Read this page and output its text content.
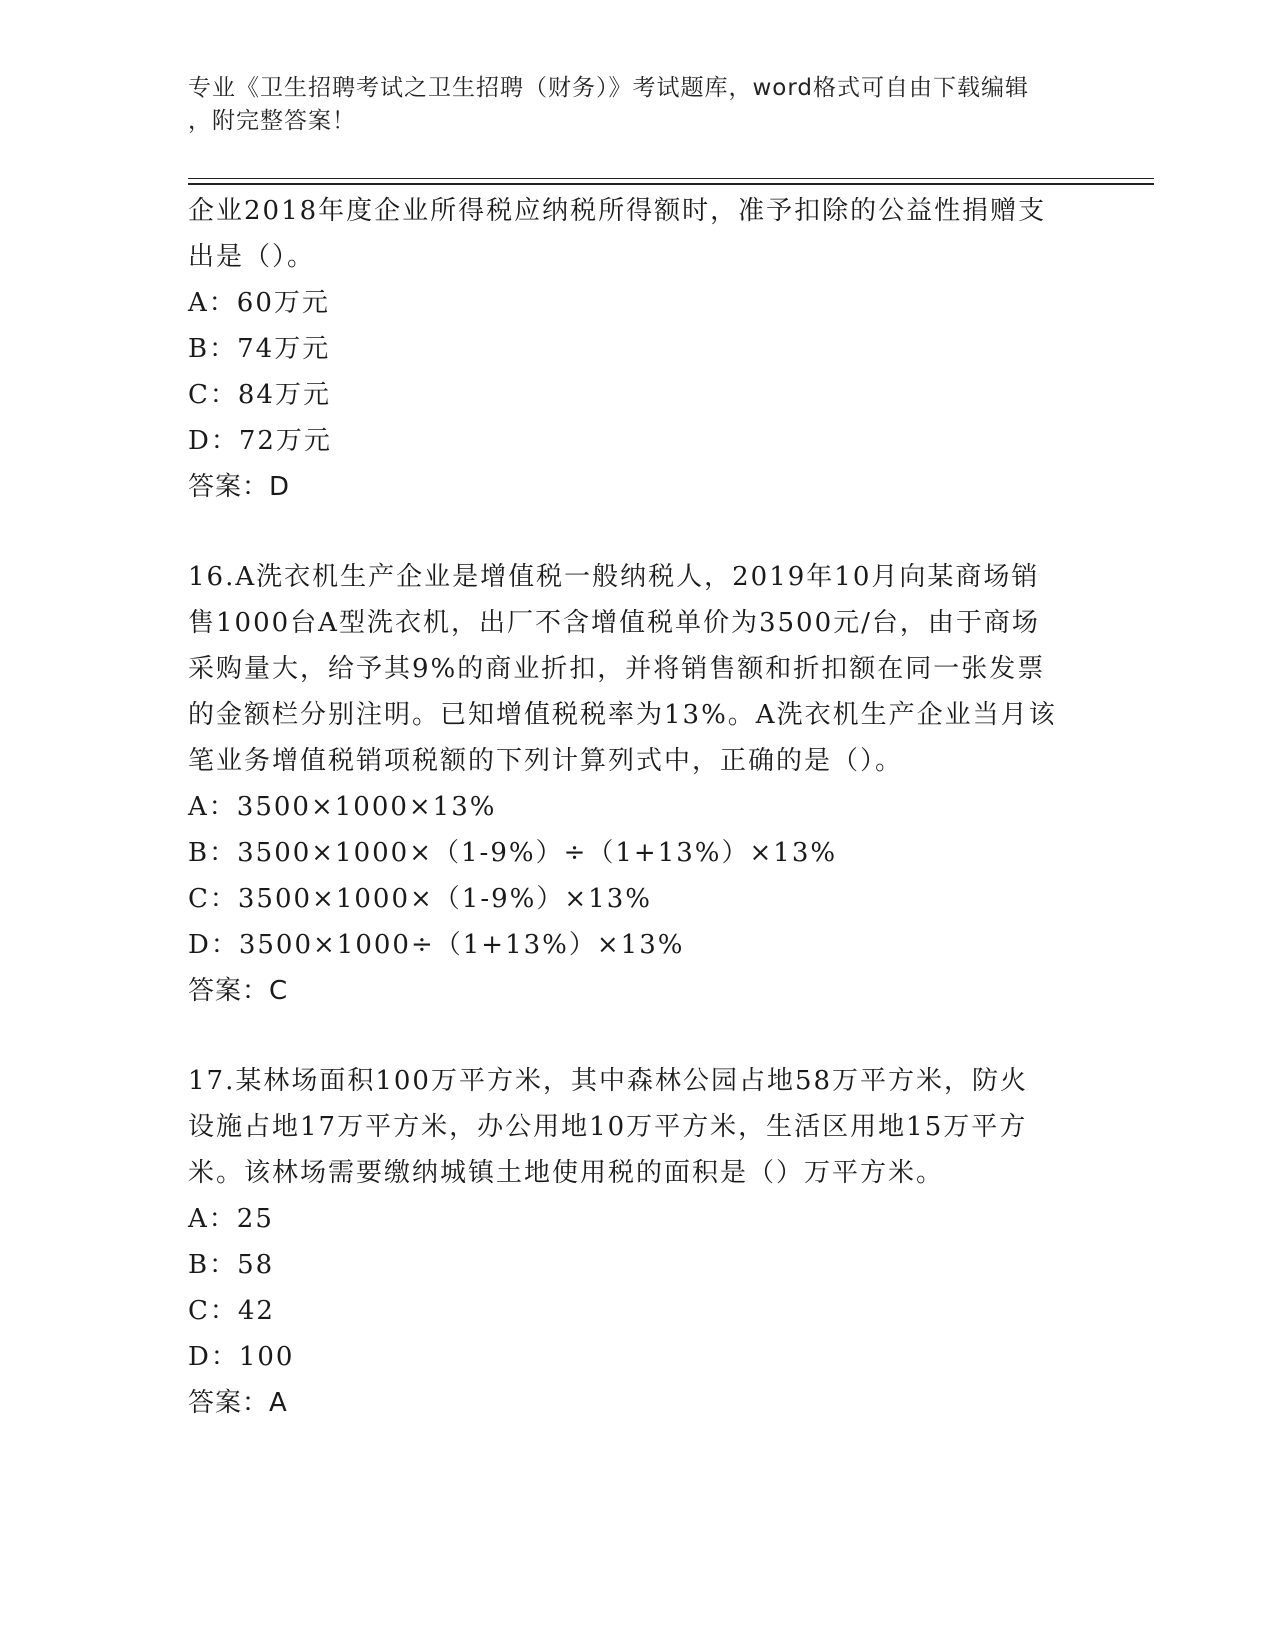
专业《卫生招聘考试之卫生招聘（财务）》考试题库，word格式可自由下载编辑
，附完整答案！
企业2018年度企业所得税应纳税所得额时，准予扣除的公益性捐赠支
出是（）。
A：60万元
B：74万元
C：84万元
D：72万元
答案：D
16.A洗衣机生产企业是增值税一般纳税人，2019年10月向某商场销
售1000台A型洗衣机，出厂不含增值税单价为3500元/台，由于商场
采购量大，给予其9%的商业折扣，并将销售额和折扣额在同一张发票
的金额栏分别注明。已知增值税税率为13%。A洗衣机生产企业当月该
笔业务增值税销项税额的下列计算列式中，正确的是（）。
A：3500×1000×13%
B：3500×1000×（1-9%）÷（1+13%）×13%
C：3500×1000×（1-9%）×13%
D：3500×1000÷（1+13%）×13%
答案：C
17.某林场面积100万平方米，其中森林公园占地58万平方米，防火
设施占地17万平方米，办公用地10万平方米，生活区用地15万平方
米。该林场需要缴纳城镇土地使用税的面积是（）万平方米。
A：25
B：58
C：42
D：100
答案：A
